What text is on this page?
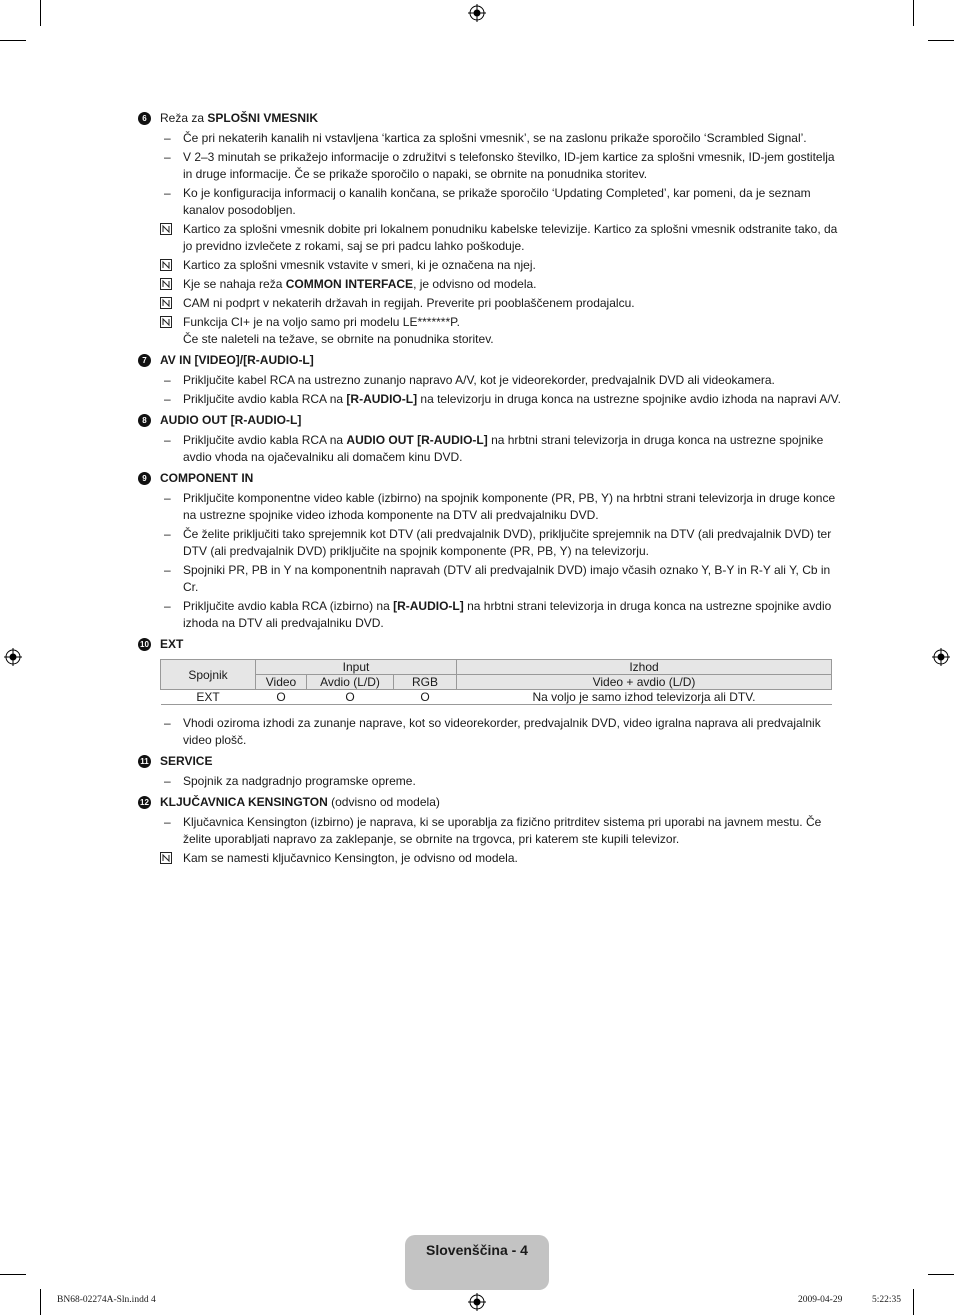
6	Reža za SPLOŠNI VMESNIK
– Če pri nekaterih kanalih ni vstavljena ‘kartica za splošni vmesnik’, se na zaslonu prikaže sporočilo ‘Scrambled Signal’.
– V 2–3 minutah se prikažejo informacije o združitvi s telefonsko številko, ID-jem kartice za splošni vmesnik, ID-jem gostitelja in druge informacije. Če se prikaže sporočilo o napaki, se obrnite na ponudnika storitev.
– Ko je konfiguracija informacij o kanalih končana, se prikaže sporočilo ‘Updating Completed’, kar pomeni, da je seznam kanalov posodobljen.
Kartico za splošni vmesnik dobite pri lokalnem ponudniku kabelske televizije. Kartico za splošni vmesnik odstranite tako, da jo previdno izvlečete z rokami, saj se pri padcu lahko poškoduje.
Kartico za splošni vmesnik vstavite v smeri, ki je označena na njej.
Kje se nahaja reža COMMON INTERFACE, je odvisno od modela.
CAM ni podprt v nekaterih državah in regijah. Preverite pri pooblaščenem prodajalcu.
Funkcija CI+ je na voljo samo pri modelu LE*******P.
Če ste naleteli na težave, se obrnite na ponudnika storitev.
7	AV IN [VIDEO]/[R-AUDIO-L]
– Priključite kabel RCA na ustrezno zunanjo napravo A/V, kot je videorekorder, predvajalnik DVD ali videokamera.
– Priključite avdio kabla RCA na [R-AUDIO-L] na televizorju in druga konca na ustrezne spojnike avdio izhoda na napravi A/V.
8	AUDIO OUT [R-AUDIO-L]
– Priključite avdio kabla RCA na AUDIO OUT [R-AUDIO-L] na hrbtni strani televizorja in druga konca na ustrezne spojnike avdio vhoda na ojačevalniku ali domačem kinu DVD.
9	COMPONENT IN
– Priključite komponentne video kable (izbirno) na spojnik komponente (PR, PB, Y) na hrbtni strani televizorja in druge konce na ustrezne spojnike video izhoda komponente na DTV ali predvajalniku DVD.
– Če želite priključiti tako sprejemnik kot DTV (ali predvajalnik DVD), priključite sprejemnik na DTV (ali predvajalnik DVD) ter DTV (ali predvajalnik DVD) priključite na spojnik komponente (PR, PB, Y) na televizorju.
– Spojniki PR, PB in Y na komponentnih napravah (DTV ali predvajalnik DVD) imajo včasih oznako Y, B-Y in R-Y ali Y, Cb in Cr.
– Priključite avdio kabla RCA (izbirno) na [R-AUDIO-L] na hrbtni strani televizorja in druga konca na ustrezne spojnike avdio izhoda na DTV ali predvajalniku DVD.
10 EXT
Spojnik	Input			Izhod
	Video	Avdio (L/D)	RGB	Video + avdio (L/D)
EXT	O	O	O	Na voljo je samo izhod televizorja ali DTV.
– Vhodi oziroma izhodi za zunanje naprave, kot so videorekorder, predvajalnik DVD, video igralna naprava ali predvajalnik video plošč.
11 SERVICE
– Spojnik za nadgradnjo programske opreme.
12 KLJUČAVNICA KENSINGTON (odvisno od modela)
– Ključavnica Kensington (izbirno) je naprava, ki se uporablja za fizično pritrditev sistema pri uporabi na javnem mestu. Če želite uporabljati napravo za zaklepanje, se obrnite na trgovca, pri katerem ste kupili televizor.
Kam se namesti ključavnico Kensington, je odvisno od modela.
Slovenščina - 4
BN68-02274A-Sln.indd 4	2009-04-29	5:22:35
